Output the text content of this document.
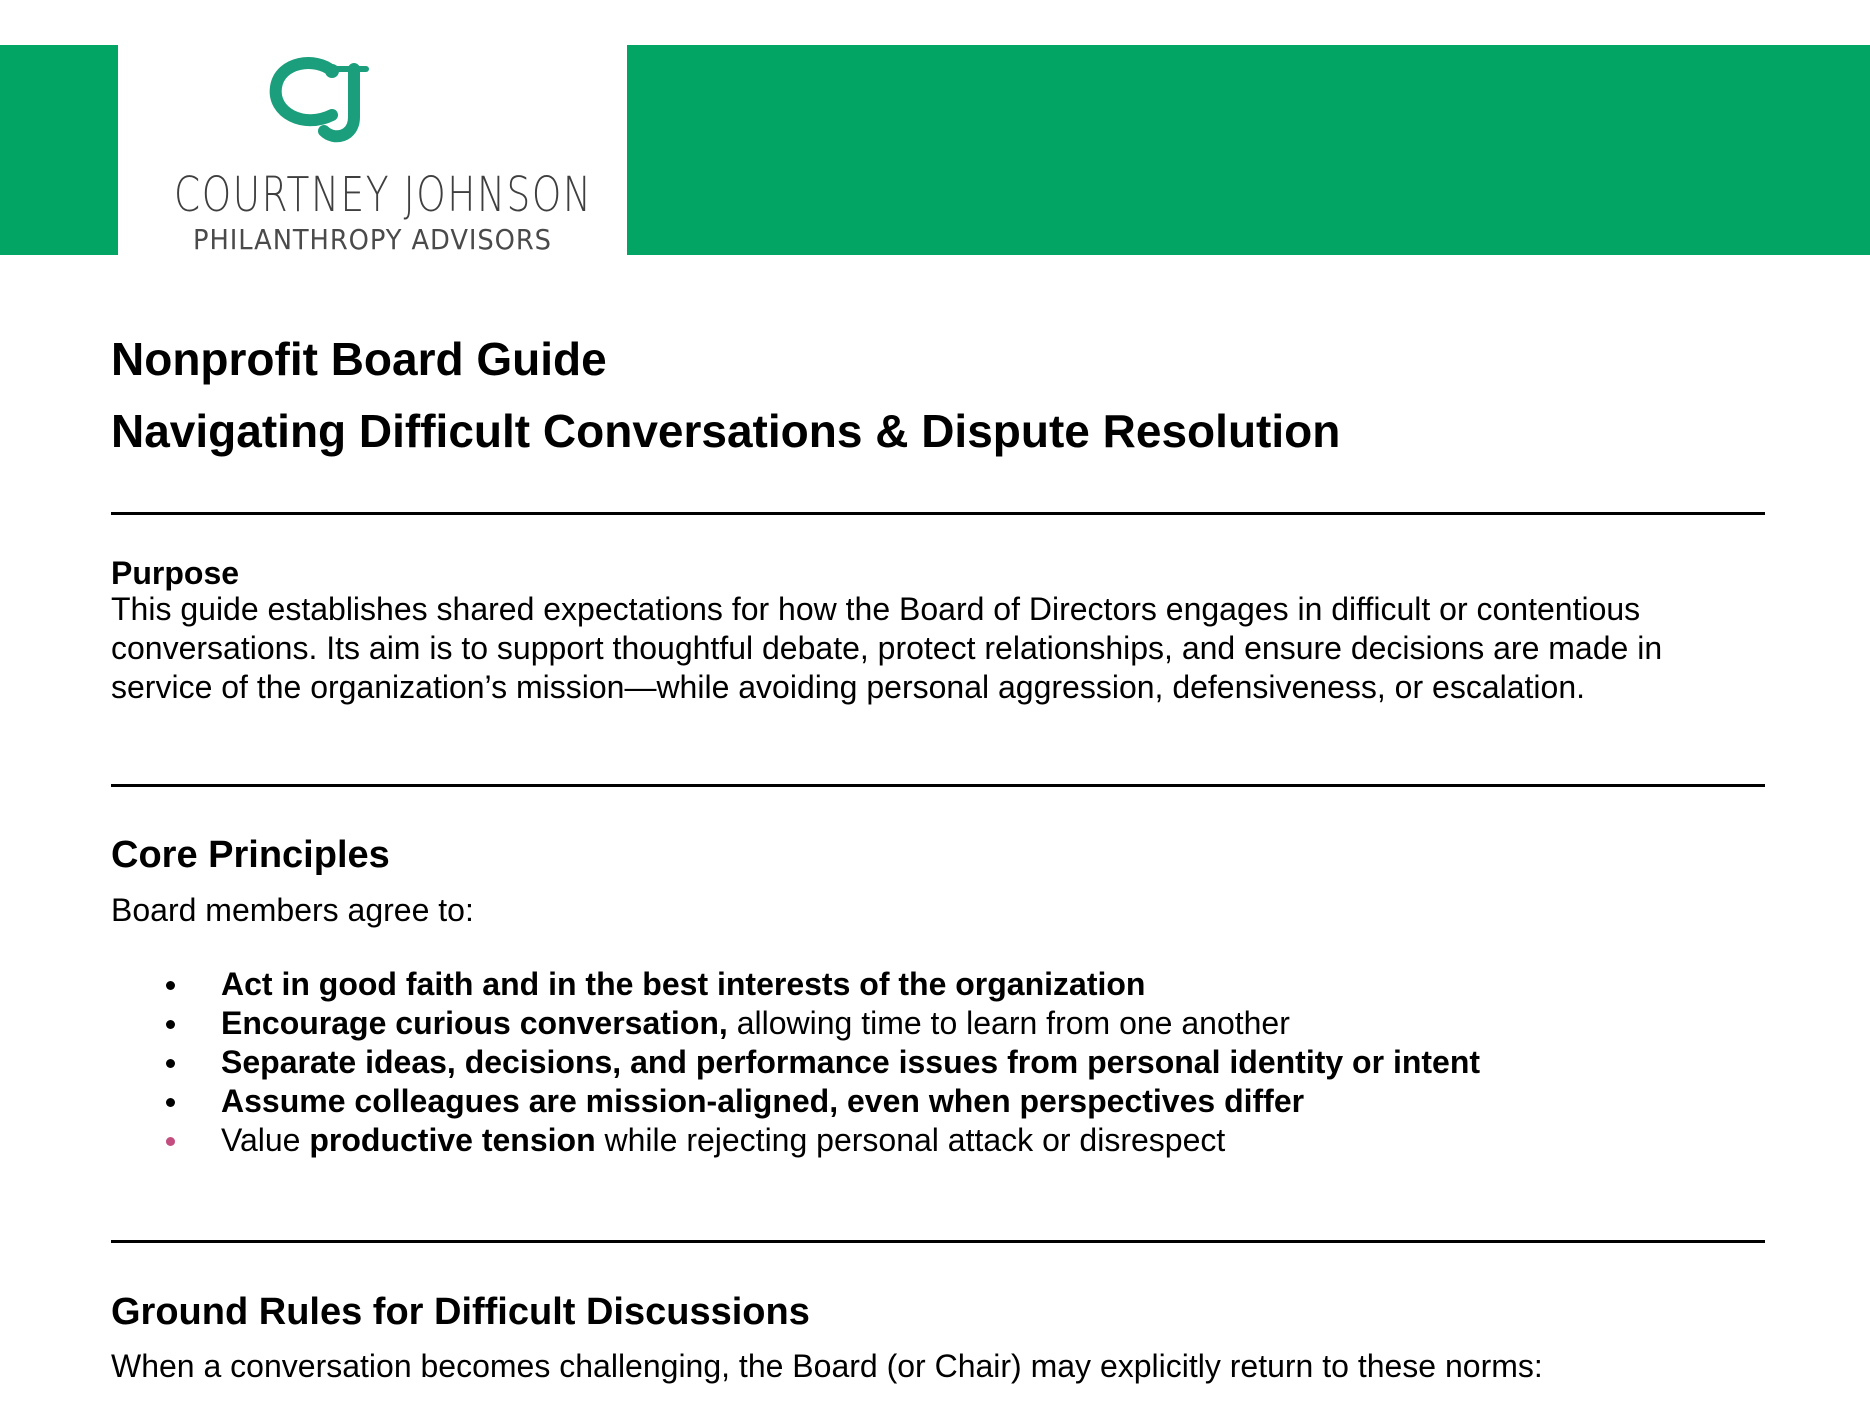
COURTNEY JOHNSON
PHILANTHROPY ADVISORS
Nonprofit Board Guide
Navigating Difficult Conversations & Dispute Resolution
Purpose
This guide establishes shared expectations for how the Board of Directors engages in difficult or contentious conversations. Its aim is to support thoughtful debate, protect relationships, and ensure decisions are made in service of the organization’s mission—while avoiding personal aggression, defensiveness, or escalation.
Core Principles
Board members agree to:
Act in good faith and in the best interests of the organization
Encourage curious conversation, allowing time to learn from one another
Separate ideas, decisions, and performance issues from personal identity or intent
Assume colleagues are mission-aligned, even when perspectives differ
Value productive tension while rejecting personal attack or disrespect
Ground Rules for Difficult Discussions
When a conversation becomes challenging, the Board (or Chair) may explicitly return to these norms:
